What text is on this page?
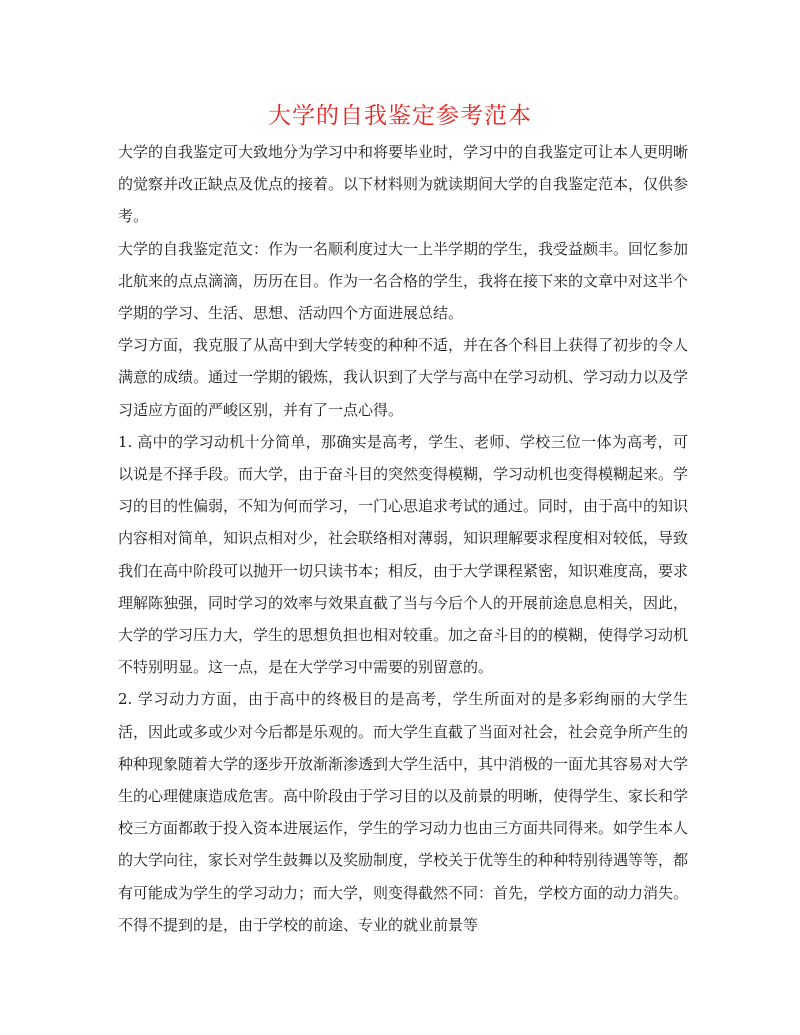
大学的自我鉴定参考范本

大学的自我鉴定可大致地分为学习中和将要毕业时，学习中的自我鉴定可让本人更明晰的觉察并改正缺点及优点的接着。以下材料则为就读期间大学的自我鉴定范本，仅供参考。

大学的自我鉴定范文：作为一名顺利度过大一上半学期的学生，我受益颇丰。回忆参加北航来的点点滴滴，历历在目。作为一名合格的学生，我将在接下来的文章中对这半个学期的学习、生活、思想、活动四个方面进展总结。

学习方面，我克服了从高中到大学转变的种种不适，并在各个科目上获得了初步的令人满意的成绩。通过一学期的锻炼，我认识到了大学与高中在学习动机、学习动力以及学习适应方面的严峻区别，并有了一点心得。

1. 高中的学习动机十分简单，那确实是高考，学生、老师、学校三位一体为高考，可以说是不择手段。而大学，由于奋斗目的突然变得模糊，学习动机也变得模糊起来。学习的目的性偏弱，不知为何而学习，一门心思追求考试的通过。同时，由于高中的知识内容相对简单，知识点相对少，社会联络相对薄弱，知识理解要求程度相对较低，导致我们在高中阶段可以抛开一切只读书本；相反，由于大学课程紧密，知识难度高，要求理解陈独强，同时学习的效率与效果直截了当与今后个人的开展前途息息相关，因此，大学的学习压力大，学生的思想负担也相对较重。加之奋斗目的的模糊，使得学习动机不特别明显。这一点，是在大学学习中需要的别留意的。

2. 学习动力方面，由于高中的终极目的是高考，学生所面对的是多彩绚丽的大学生活，因此或多或少对今后都是乐观的。而大学生直截了当面对社会，社会竞争所产生的种种现象随着大学的逐步开放渐渐渗透到大学生活中，其中消极的一面尤其容易对大学生的心理健康造成危害。高中阶段由于学习目的以及前景的明晰，使得学生、家长和学校三方面都敢于投入资本进展运作，学生的学习动力也由三方面共同得来。如学生本人的大学向往，家长对学生鼓舞以及奖励制度，学校关于优等生的种种特别待遇等等，都有可能成为学生的学习动力；而大学，则变得截然不同：首先，学校方面的动力消失。不得不提到的是，由于学校的前途、专业的就业前景等
